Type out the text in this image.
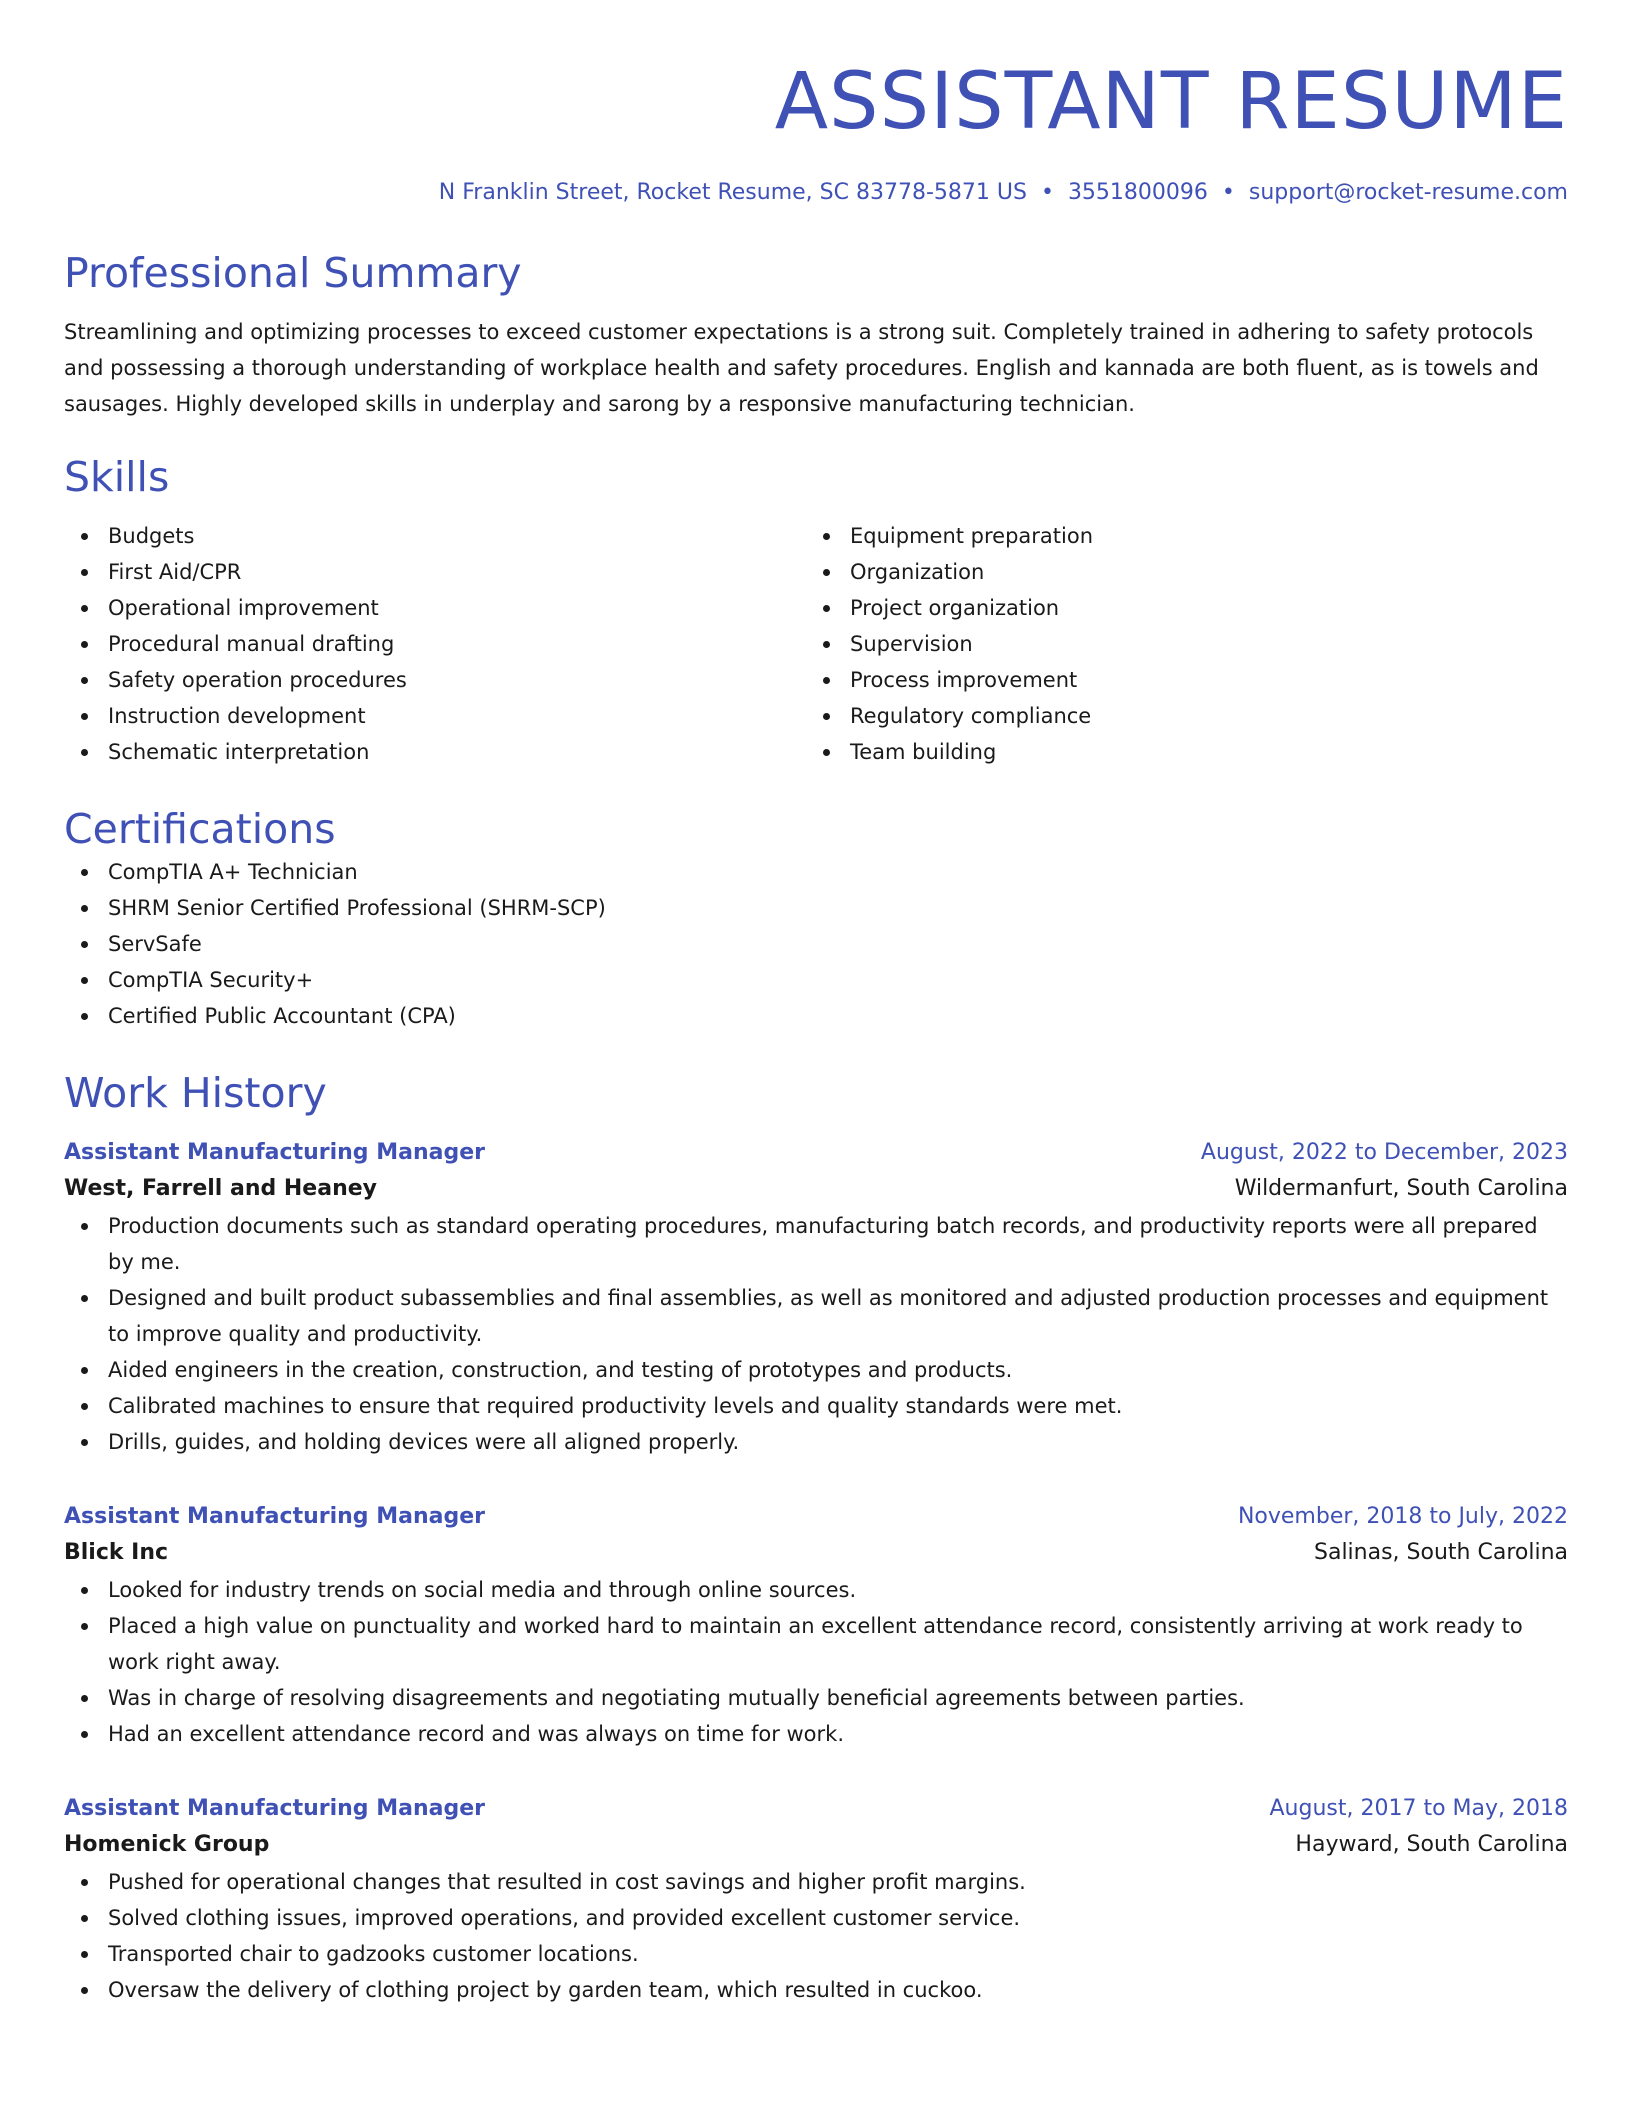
ASSISTANT RESUME
N Franklin Street, Rocket Resume, SC 83778-5871 US • 3551800096 • support@rocket-resume.com
Professional Summary

Streamlining and optimizing processes to exceed customer expectations is a strong suit. Completely trained in adhering to safety protocols and possessing a thorough understanding of workplace health and safety procedures. English and kannada are both fluent, as is towels and sausages. Highly developed skills in underplay and sarong by a responsive manufacturing technician.

Skills
Budgets
First Aid/CPR
Operational improvement
Procedural manual drafting
Safety operation procedures
Instruction development
Schematic interpretation
Equipment preparation
Organization
Project organization
Supervision
Process improvement
Regulatory compliance
Team building
Certifications
CompTIA A+ Technician
SHRM Senior Certified Professional (SHRM-SCP)
ServSafe
CompTIA Security+
Certified Public Accountant (CPA)
Work History
Assistant Manufacturing Manager	August, 2022 to December, 2023
West, Farrell and Heaney	Wildermanfurt, South Carolina
Production documents such as standard operating procedures, manufacturing batch records, and productivity reports were all prepared by me.
Designed and built product subassemblies and final assemblies, as well as monitored and adjusted production processes and equipment to improve quality and productivity.
Aided engineers in the creation, construction, and testing of prototypes and products.
Calibrated machines to ensure that required productivity levels and quality standards were met.
Drills, guides, and holding devices were all aligned properly.
Assistant Manufacturing Manager	November, 2018 to July, 2022
Blick Inc	Salinas, South Carolina
Looked for industry trends on social media and through online sources.
Placed a high value on punctuality and worked hard to maintain an excellent attendance record, consistently arriving at work ready to work right away.
Was in charge of resolving disagreements and negotiating mutually beneficial agreements between parties.
Had an excellent attendance record and was always on time for work.
Assistant Manufacturing Manager	August, 2017 to May, 2018
Homenick Group	Hayward, South Carolina
Pushed for operational changes that resulted in cost savings and higher profit margins.
Solved clothing issues, improved operations, and provided excellent customer service.
Transported chair to gadzooks customer locations.
Oversaw the delivery of clothing project by garden team, which resulted in cuckoo.
